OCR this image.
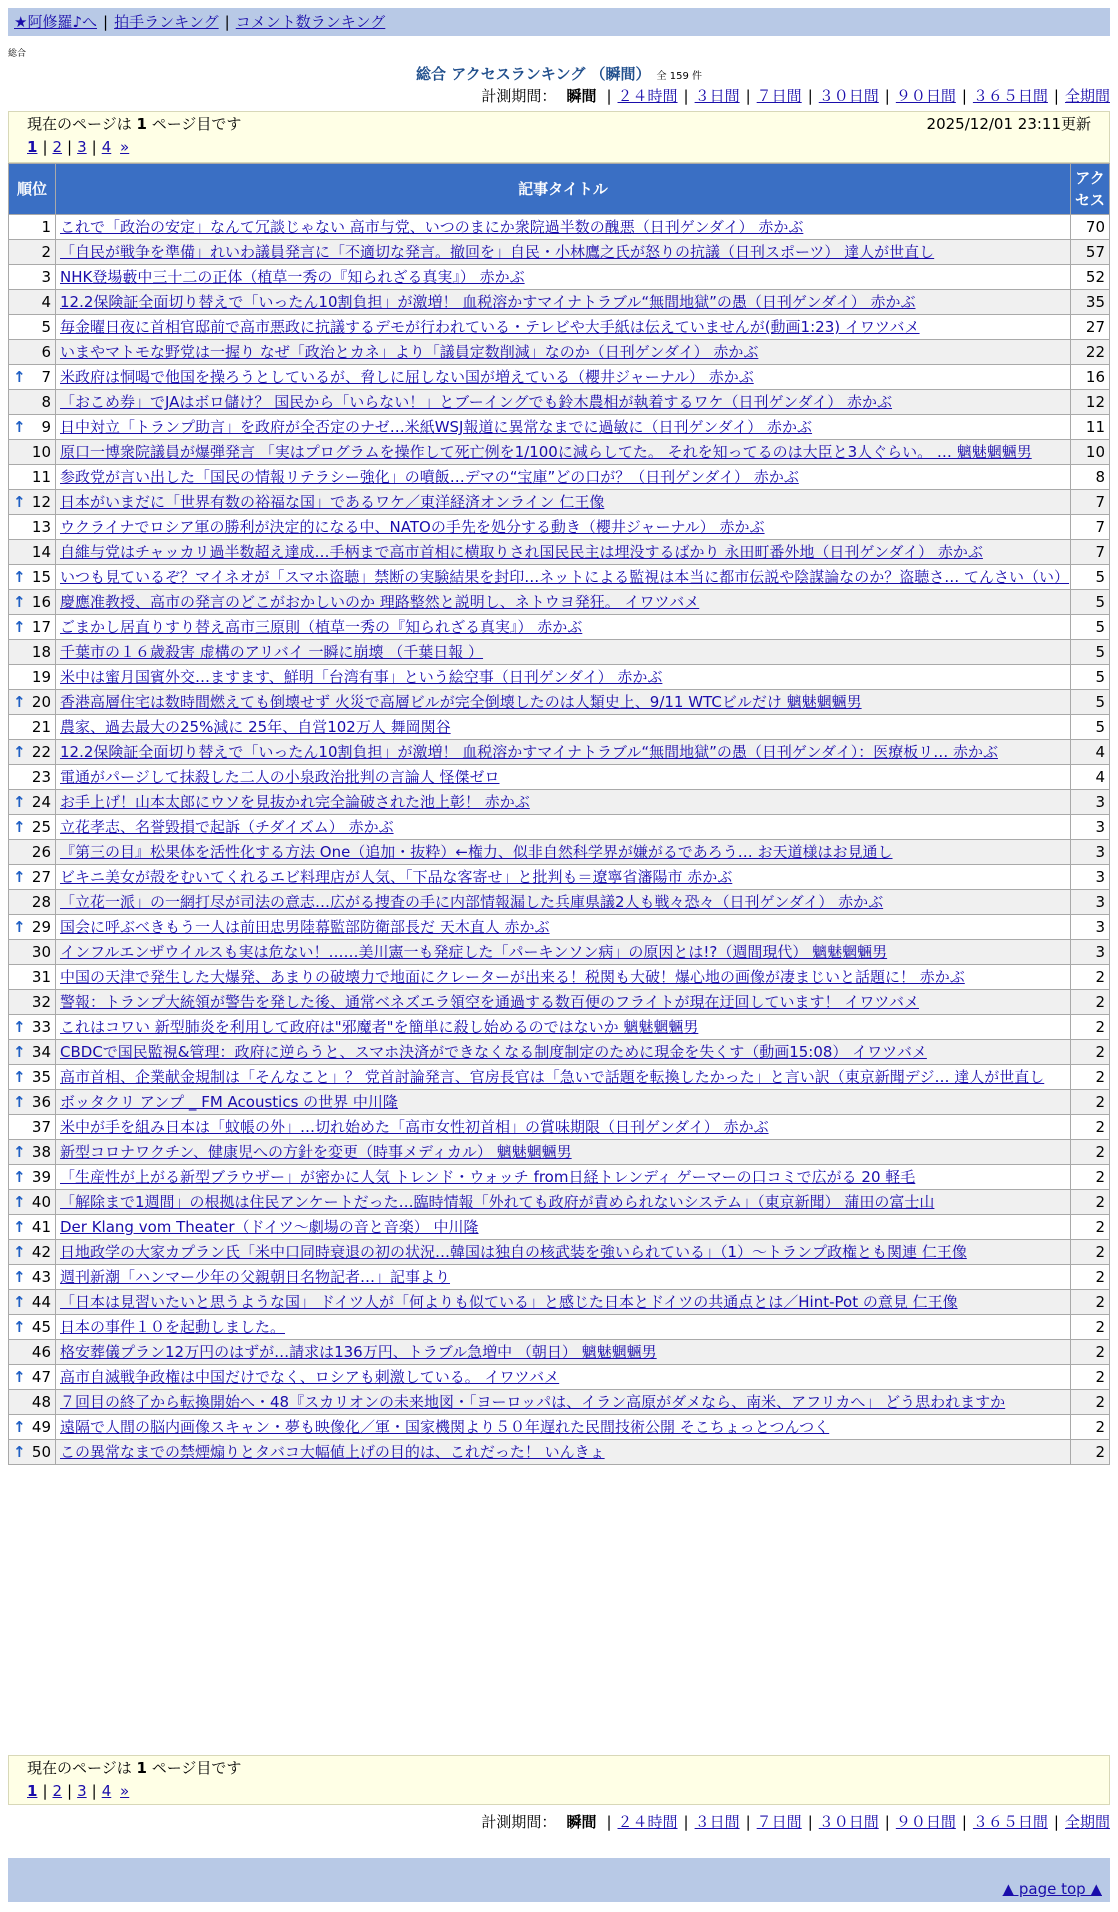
★阿修羅♪へ | 拍手ランキング | コメント数ランキング
総合
総合 アクセスランキング （瞬間） 全 159 件
計測期間： 瞬間 | ２４時間 | ３日間 | ７日間 | ３０日間 | ９０日間 | ３６５日間 | 全期間
現在のページは 1 ページ目です	2025/12/01 23:11更新
1 | 2 | 3 | 4 »
順位	記事タイトル	アクセス
1	これで「政治の安定」なんて冗談じゃない 高市与党、いつのまにか衆院過半数の醜悪（日刊ゲンダイ） 赤かぶ	70
2	「自民が戦争を準備」れいわ議員発言に「不適切な発言。撤回を」自民・小林鷹之氏が怒りの抗議（日刊スポーツ） 達人が世直し	57
3	NHK登場藪中三十二の正体（植草一秀の『知られざる真実』） 赤かぶ	52
4	12.2保険証全面切り替えで「いったん10割負担」が激増！ 血税溶かすマイナトラブル“無間地獄”の愚（日刊ゲンダイ） 赤かぶ	35
5	毎金曜日夜に首相官邸前で高市悪政に抗議するデモが行われている・テレビや大手紙は伝えていませんが(動画1:23) イワツバメ	27
6	いまやマトモな野党は一握り なぜ「政治とカネ」より「議員定数削減」なのか（日刊ゲンダイ） 赤かぶ	22

↑ 7	米政府は恫喝で他国を操ろうとしているが、脅しに屈しない国が増えている（櫻井ジャーナル） 赤かぶ	16
8	「おこめ券」でJAはボロ儲け？ 国民から「いらない！」とブーイングでも鈴木農相が執着するワケ（日刊ゲンダイ） 赤かぶ	12

↑ 9	日中対立「トランプ助言」を政府が全否定のナゼ…米紙WSJ報道に異常なまでに過敏に（日刊ゲンダイ） 赤かぶ	11
10	原口一博衆院議員が爆弾発言 「実はプログラムを操作して死亡例を1/100に減らしてた。 それを知ってるのは大臣と3人ぐらい。 … 魑魅魍魎男	10
11	参政党が言い出した「国民の情報リテラシー強化」の噴飯…デマの“宝庫”どの口が？（日刊ゲンダイ） 赤かぶ	8

↑ 12	日本がいまだに「世界有数の裕福な国」であるワケ／東洋経済オンライン 仁王像	7
13	ウクライナでロシア軍の勝利が決定的になる中、NATOの手先を処分する動き（櫻井ジャーナル） 赤かぶ	7
14	自維与党はチャッカリ過半数超え達成…手柄まで高市首相に横取りされ国民民主は埋没するばかり 永田町番外地（日刊ゲンダイ） 赤かぶ	7

↑ 15	いつも見ているぞ？マイネオが「スマホ盗聴」禁断の実験結果を封印…ネットによる監視は本当に都市伝説や陰謀論なのか？盗聴さ… てんさい（い）	5

↑ 16	慶應准教授、高市の発言のどこがおかしいのか 理路整然と説明し、ネトウヨ発狂。 イワツバメ	5

↑ 17	ごまかし居直りすり替え高市三原則（植草一秀の『知られざる真実』） 赤かぶ	5
18	千葉市の１６歳殺害 虚構のアリバイ 一瞬に崩壊 （千葉日報 ）	5
19	米中は蜜月国賓外交…ますます、鮮明「台湾有事」という絵空事（日刊ゲンダイ） 赤かぶ	5

↑ 20	香港高層住宅は数時間燃えても倒壊せず 火災で高層ビルが完全倒壊したのは人類史上、9/11 WTCビルだけ 魑魅魍魎男	5
21	農家、過去最大の25%減に 25年、自営102万人 舞岡関谷	5

↑ 22	12.2保険証全面切り替えで「いったん10割負担」が激増！ 血税溶かすマイナトラブル“無間地獄”の愚（日刊ゲンダイ）：医療板リ… 赤かぶ	4
23	電通がパージして抹殺した二人の小泉政治批判の言論人 怪傑ゼロ	4

↑ 24	お手上げ！山本太郎にウソを見抜かれ完全論破された池上彰！ 赤かぶ	3

↑ 25	立花孝志、名誉毀損で起訴（チダイズム） 赤かぶ	3
26	『第三の目』松果体を活性化する方法 One（追加・抜粋）←権力、似非自然科学界が嫌がるであろう… お天道様はお見通し	3

↑ 27	ビキニ美女が殻をむいてくれるエビ料理店が人気、「下品な客寄せ」と批判も＝遼寧省瀋陽市 赤かぶ	3
28	「立花一派」の一網打尽が司法の意志…広がる捜査の手に内部情報漏した兵庫県議2人も戦々恐々（日刊ゲンダイ） 赤かぶ	3

↑ 29	国会に呼ぶべきもう一人は前田忠男陸幕監部防衛部長だ 天木直人 赤かぶ	3
30	インフルエンザウイルスも実は危ない！……美川憲一も発症した「パーキンソン病」の原因とは!?（週間現代） 魑魅魍魎男	3
31	中国の天津で発生した大爆発、あまりの破壊力で地面にクレーターが出来る！税関も大破！爆心地の画像が凄まじいと話題に！ 赤かぶ	2
32	警報：トランプ大統領が警告を発した後、通常ベネズエラ領空を通過する数百便のフライトが現在迂回しています！ イワツバメ	2

↑ 33	これはコワい 新型肺炎を利用して政府は"邪魔者"を簡単に殺し始めるのではないか 魑魅魍魎男	2

↑ 34	CBDCで国民監視&管理：政府に逆らうと、スマホ決済ができなくなる制度制定のために現金を失くす（動画15:08） イワツバメ	2

↑ 35	高市首相、企業献金規制は「そんなこと」？ 党首討論発言、官房長官は「急いで話題を転換したかった」と言い訳（東京新聞デジ… 達人が世直し	2

↑ 36	ボッタクリ アンプ _ FM Acoustics の世界 中川隆	2
37	米中が手を組み日本は「蚊帳の外」…切れ始めた「高市女性初首相」の賞味期限（日刊ゲンダイ） 赤かぶ	2

↑ 38	新型コロナワクチン、健康児への方針を変更（時事メディカル） 魑魅魍魎男	2

↑ 39	「生産性が上がる新型ブラウザー」が密かに人気 トレンド・ウォッチ from日経トレンディ ゲーマーの口コミで広がる 20 軽毛	2

↑ 40	「解除まで1週間」の根拠は住民アンケートだった…臨時情報「外れても政府が責められないシステム」（東京新聞） 蒲田の富士山	2

↑ 41	Der Klang vom Theater（ドイツ～劇場の音と音楽） 中川隆	2

↑ 42	日地政学の大家カプラン氏「米中口同時衰退の初の状況…韓国は独自の核武装を強いられている」（1）～トランプ政権とも関連 仁王像	2

↑ 43	週刊新潮「ハンマー少年の父親朝日名物記者…」記事より	2

↑ 44	「日本は見習いたいと思うような国」 ドイツ人が「何よりも似ている」と感じた日本とドイツの共通点とは／Hint-Pot の意見 仁王像	2

↑ 45	日本の事件１０を起動しました。	2
46	格安葬儀プラン12万円のはずが…請求は136万円、トラブル急増中 （朝日） 魑魅魍魎男	2

↑ 47	高市自滅戦争政権は中国だけでなく、ロシアも刺激している。 イワツバメ	2
48	７回目の終了から転換開始へ・48『スカリオンの未来地図・「ヨーロッパは、イラン高原がダメなら、南米、アフリカへ」 どう思われますか	2

↑ 49	遠隔で人間の脳内画像スキャン・夢も映像化／軍・国家機関より５０年遅れた民間技術公開 そこちょっとつんつく	2

↑ 50	この異常なまでの禁煙煽りとタバコ大幅値上げの目的は、これだった！ いんきょ	2
現在のページは 1 ページ目です
1 | 2 | 3 | 4 »
計測期間： 瞬間 | ２４時間 | ３日間 | ７日間 | ３０日間 | ９０日間 | ３６５日間 | 全期間
▲ page top ▲
